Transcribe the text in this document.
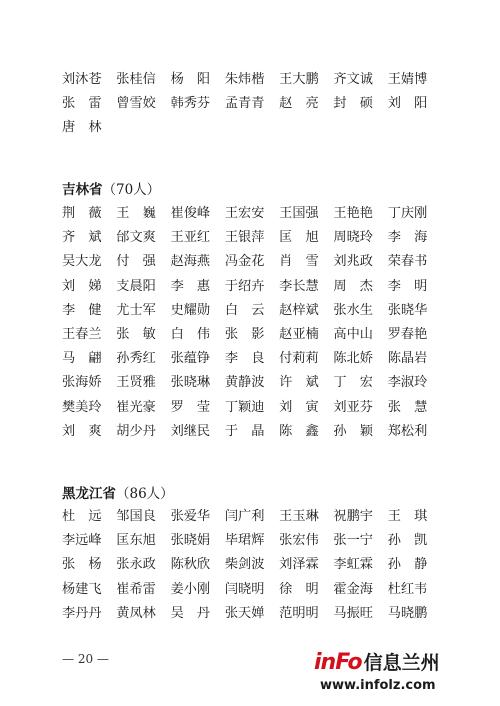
刘沐苍	张桂信	杨　阳	朱炜楷	王大鹏	齐文诚	王婧博
张　雷	曾雪姣	韩秀芬	孟青青	赵　亮	封　硕	刘　阳
唐　林
吉林省（70人）
荆　薇	王　巍	崔俊峰	王宏安	王国强	王艳艳	丁庆刚
齐　斌	邰文爽	王亚红	王银萍	匡　旭	周晓玲	李　海
吴大龙	付　强	赵海燕	冯金花	肖　雪	刘兆政	荣春书
刘　娣	支晨阳	李　惠	于绍卉	李长慧	周　杰	李　明
李　健	尤士军	史耀勋	白　云	赵梓斌	张水生	张晓华
王春兰	张　敏	白　伟	张　影	赵亚楠	高中山	罗春艳
马　翩	孙秀红	张蕴铮	李　良	付莉莉	陈北娇	陈晶岩
张海娇	王贤雅	张晓琳	黄静波	许　斌	丁　宏	李淑玲
樊美玲	崔光豪	罗　莹	丁颖迪	刘　寅	刘亚芬	张　慧
刘　爽	胡少丹	刘继民	于　晶	陈　鑫	孙　颖	郑松利
黑龙江省（86人）
杜　远	邹国良	张爱华	闫广利	王玉琳	祝鹏宇	王　琪
李远峰	匡东旭	张晓娟	毕珺辉	张宏伟	张一宁	孙　凯
张　杨	张永政	陈秋欣	柴剑波	刘泽霖	李虹霖	孙　静
杨建飞	崔希雷	姜小刚	闫晓明	徐　明	霍金海	杜红韦
李丹丹	黄凤林	吴　丹	张天婵	范明明	马振旺	马晓鹏
— 20 —	inFo 信息兰州
www.infolz.com
